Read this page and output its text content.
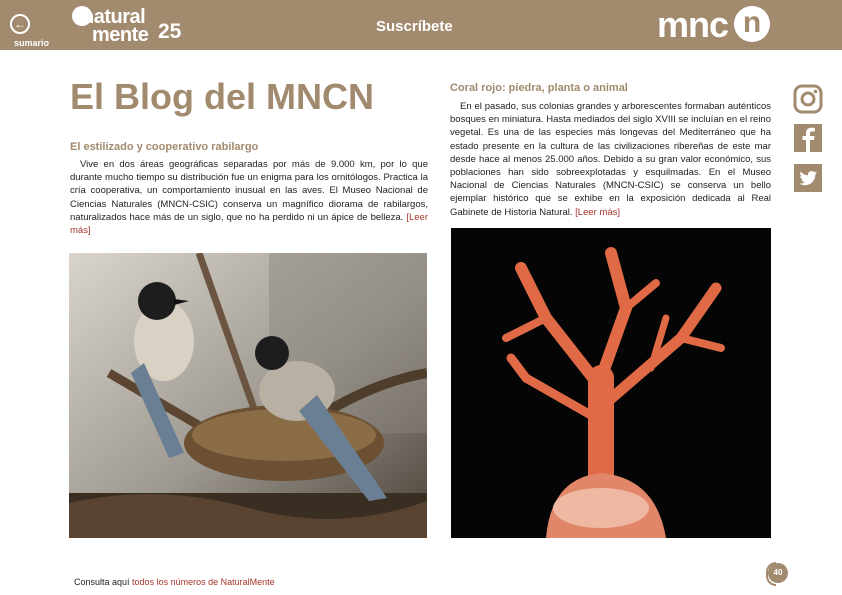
←
sumario
natural
mente 25	Suscríbete	mnc n
El Blog del MNCN
El estilizado y cooperativo rabilargo

Vive en dos áreas geográficas separadas por más de 9.000 km, por lo que durante mucho tiempo su distribución fue un enigma para los ornitólogos. Practica la cría cooperativa, un comportamiento inusual en las aves. El Museo Nacional de Ciencias Naturales (MNCN-CSIC) conserva un magnífico diorama de rabilargos, naturalizados hace más de un siglo, que no ha perdido ni un ápice de belleza. [Leer más]

Coral rojo: piedra, planta o animal

En el pasado, sus colonias grandes y arborescentes formaban auténticos bosques en miniatura. Hasta mediados del siglo XVIII se incluían en el reino vegetal. Es una de las especies más longevas del Mediterráneo que ha estado presente en la cultura de las civilizaciones ribereñas de este mar desde hace al menos 25.000 años. Debido a su gran valor económico, sus poblaciones han sido sobreexplotadas y esquilmadas. En el Museo Nacional de Ciencias Naturales (MNCN-CSIC) se conserva un bello ejemplar histórico que se exhibe en la exposición dedicada al Real Gabinete de Historia Natural. [Leer más]

Consulta aquí todos los números de NaturalMente
40
